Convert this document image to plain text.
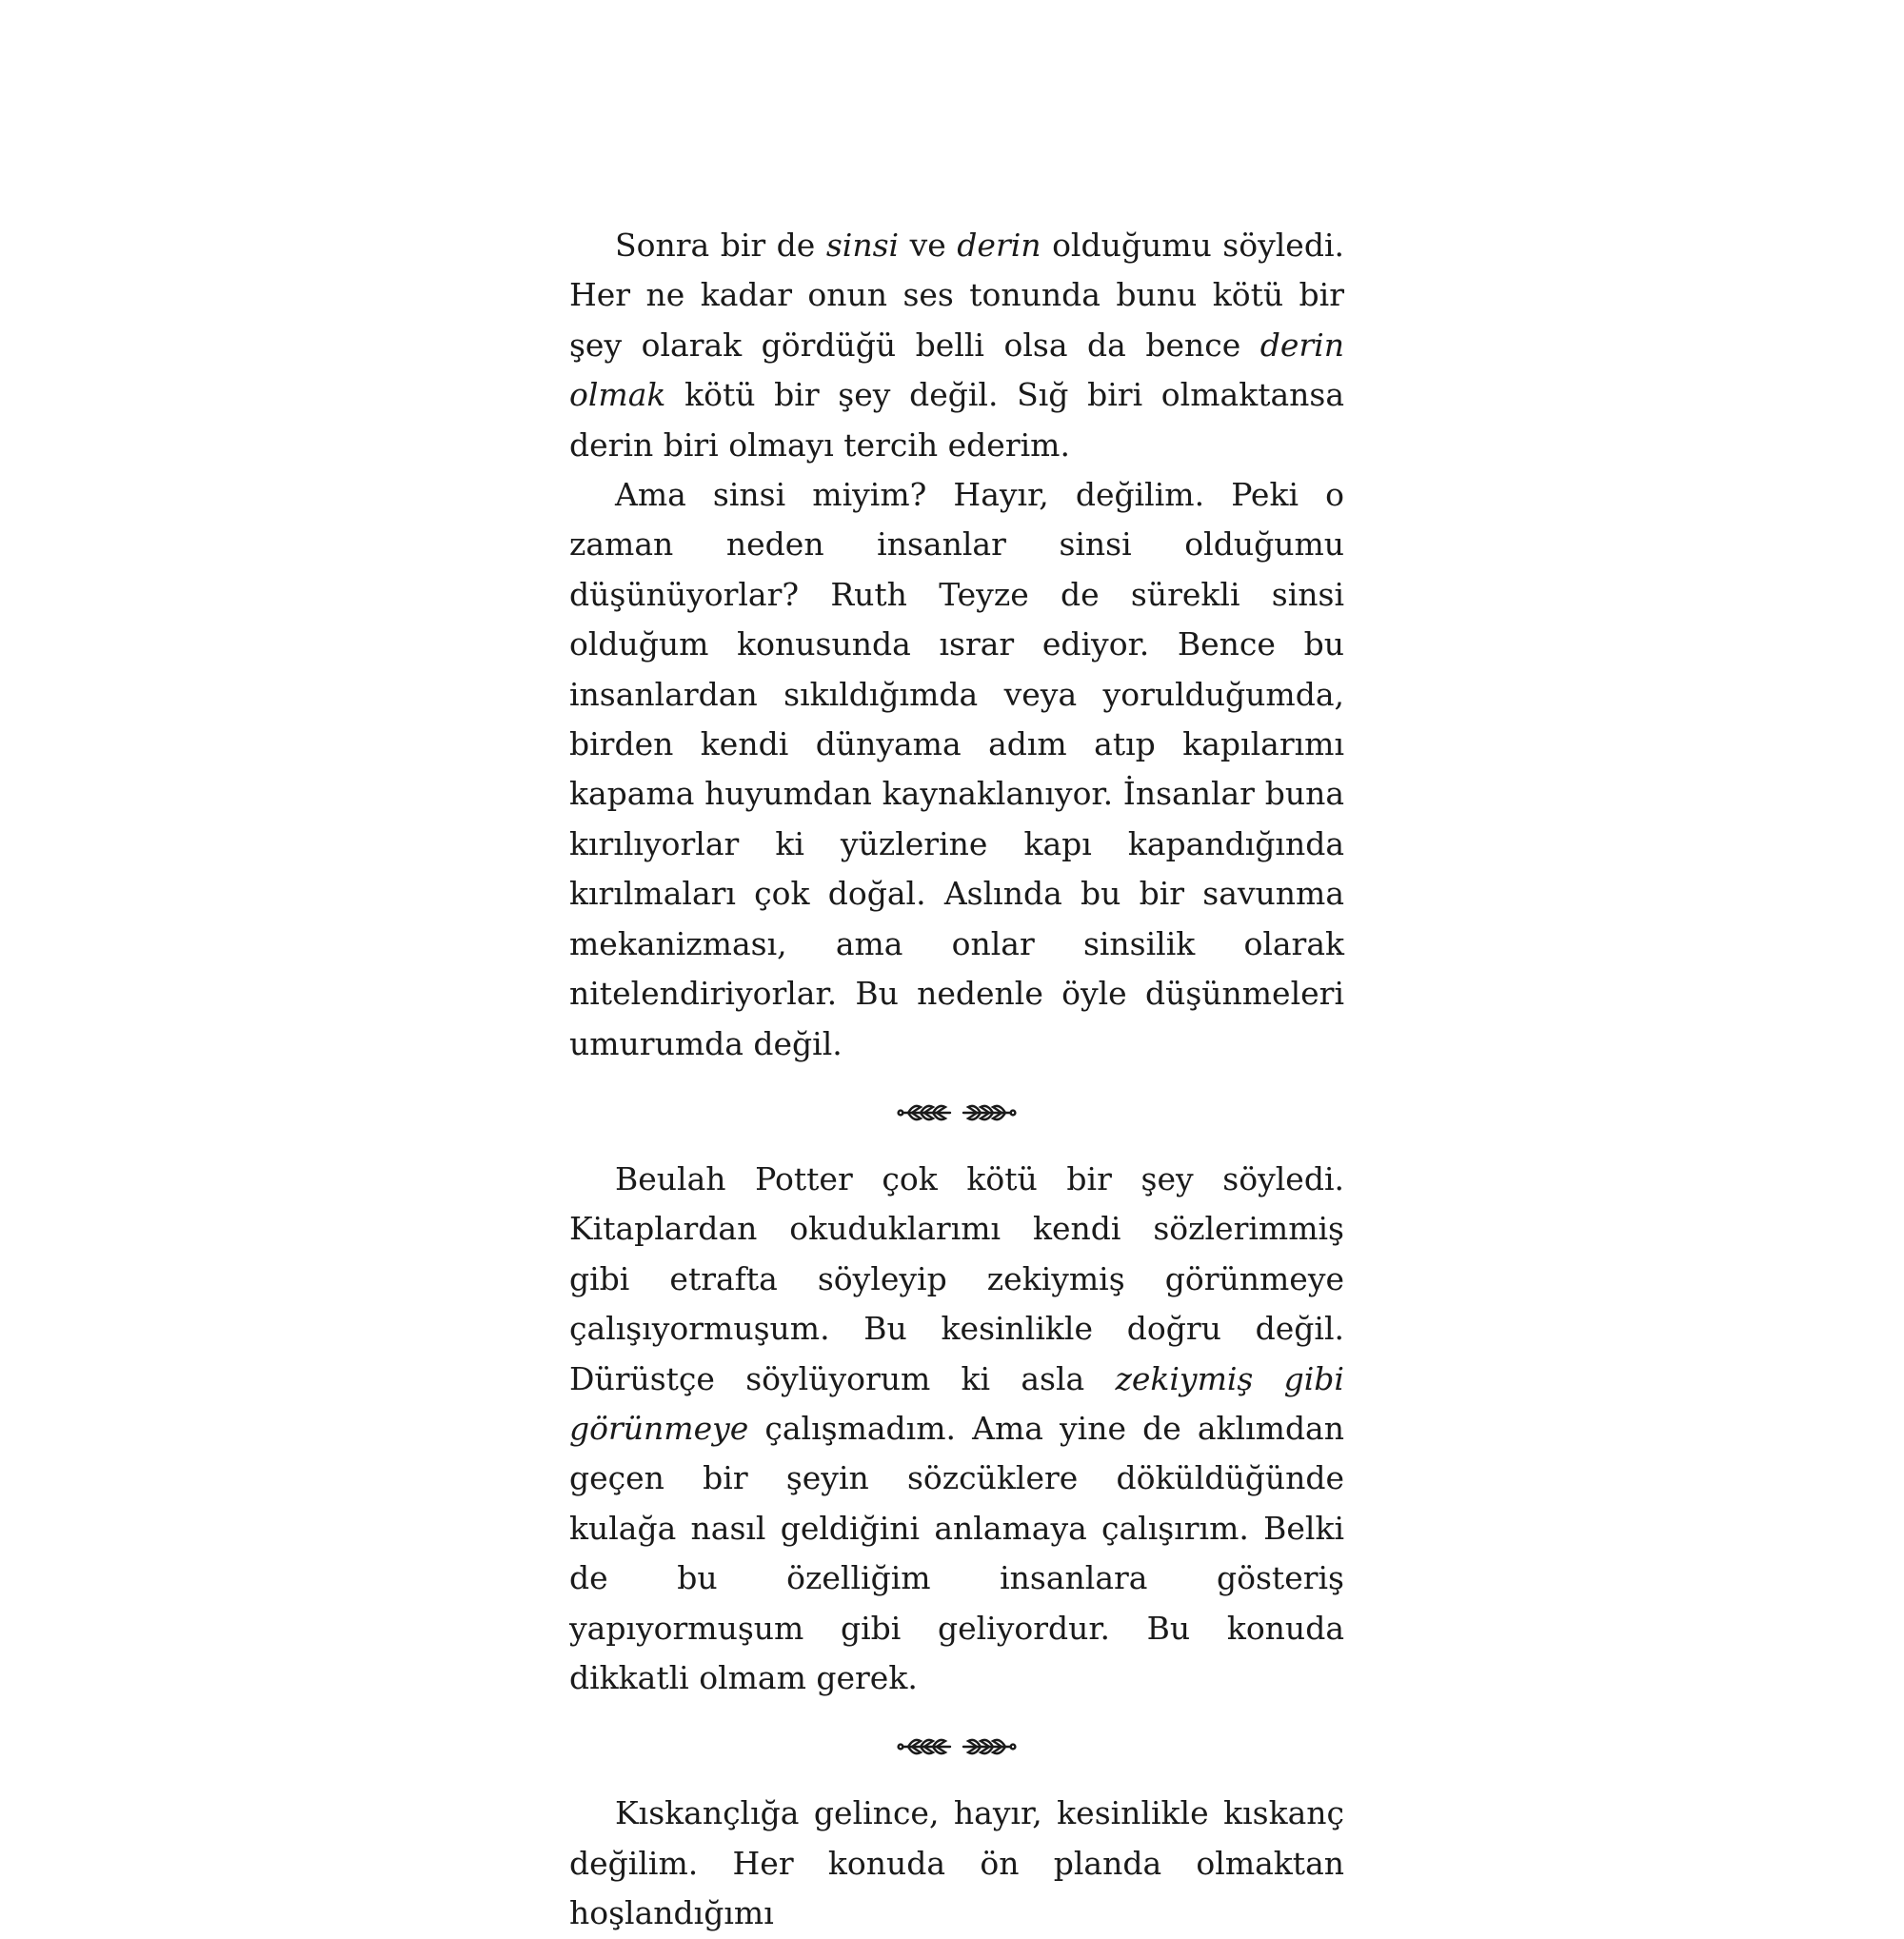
Sonra bir de sinsi ve derin olduğumu söyledi. Her ne kadar onun ses tonunda bunu kötü bir şey olarak gördüğü belli olsa da bence derin olmak kötü bir şey değil. Sığ biri olmaktansa derin biri olmayı tercih ederim.

Ama sinsi miyim? Hayır, değilim. Peki o zaman neden insanlar sinsi olduğumu düşünüyorlar? Ruth Teyze de sürekli sinsi olduğum konusunda ısrar ediyor. Bence bu insanlardan sıkıldığımda veya yorulduğumda, birden kendi dünyama adım atıp kapılarımı kapama huyumdan kaynaklanıyor. İnsanlar buna kırılıyorlar ki yüzlerine kapı kapandığında kırılmaları çok doğal. Aslında bu bir savunma mekanizması, ama onlar sinsilik olarak nitelendiriyorlar. Bu nedenle öyle düşünmeleri umurumda değil.

Beulah Potter çok kötü bir şey söyledi. Kitaplardan okuduklarımı kendi sözlerimmiş gibi etrafta söyleyip zekiymiş görünmeye çalışıyormuşum. Bu kesinlikle doğru değil. Dürüstçe söylüyorum ki asla zekiymiş gibi görünmeye çalışmadım. Ama yine de aklımdan geçen bir şeyin sözcüklere döküldüğünde kulağa nasıl geldiğini anlamaya çalışırım. Belki de bu özelliğim insanlara gösteriş yapıyormuşum gibi geliyordur. Bu konuda dikkatli olmam gerek.

Kıskançlığa gelince, hayır, kesinlikle kıskanç değilim. Her konuda ön planda olmaktan hoşlandığımı
